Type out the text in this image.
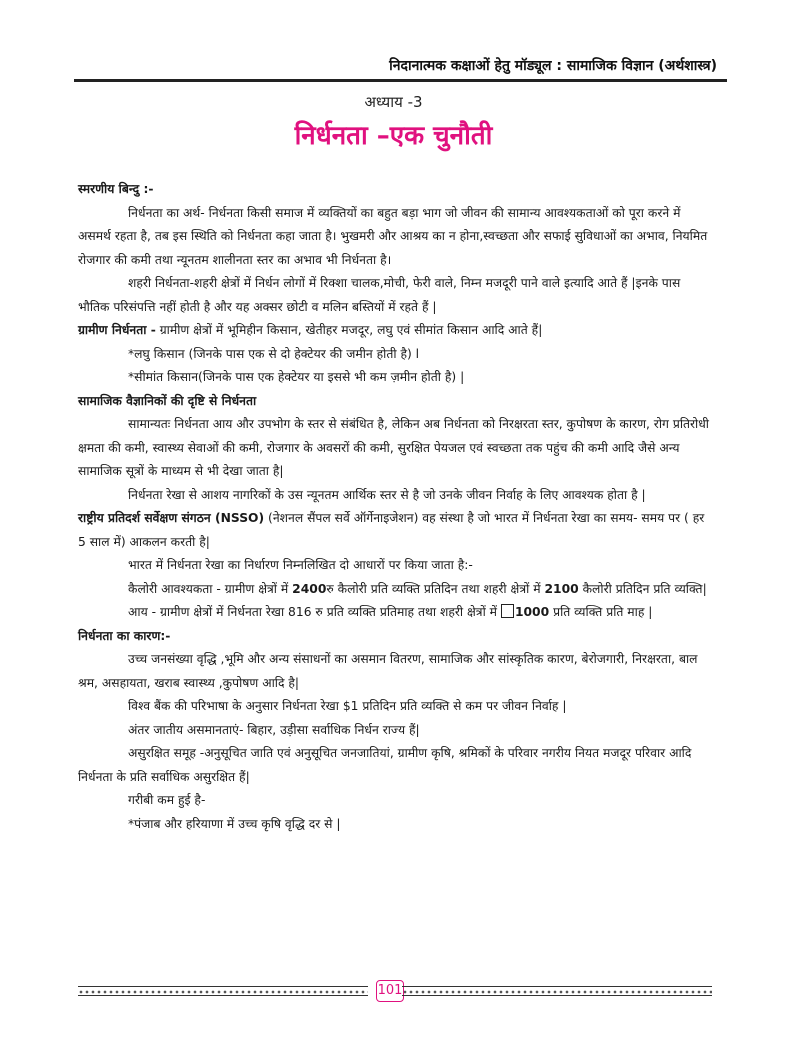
निदानात्मक कक्षाओं हेतु मॉड्यूल : सामाजिक विज्ञान (अर्थशास्त्र)
अध्याय -3
निर्धनता –एक चुनौती

स्मरणीय बिन्दु :-

निर्धनता का अर्थ- निर्धनता किसी समाज में व्यक्तियों का बहुत बड़ा भाग जो जीवन की सामान्य आवश्यकताओं को पूरा करने में असमर्थ रहता है, तब इस स्थिति को निर्धनता कहा जाता है। भुखमरी और आश्रय का न होना,स्वच्छता और सफाई सुविधाओं का अभाव, नियमित रोजगार की कमी तथा न्यूनतम शालीनता स्तर का अभाव भी निर्धनता है।

शहरी निर्धनता-शहरी क्षेत्रों में निर्धन लोगों में रिक्शा चालक,मोची, फेरी वाले, निम्न मजदूरी पाने वाले इत्यादि आते हैं |इनके पास भौतिक परिसंपत्ति नहीं होती है और यह अक्सर छोटी व मलिन बस्तियों में रहते हैं |

ग्रामीण निर्धनता - ग्रामीण क्षेत्रों में भूमिहीन किसान, खेतीहर मजदूर, लघु एवं सीमांत किसान आदि आते हैं|

*लघु किसान (जिनके पास एक से दो हेक्टेयर की जमीन होती है) l

*सीमांत किसान(जिनके पास एक हेक्टेयर या इससे भी कम ज़मीन होती है) |

सामाजिक वैज्ञानिकों की दृष्टि से निर्धनता

सामान्यतः निर्धनता आय और उपभोग के स्तर से संबंधित है, लेकिन अब निर्धनता को निरक्षरता स्तर, कुपोषण के कारण, रोग प्रतिरोधी क्षमता की कमी, स्वास्थ्य सेवाओं की कमी, रोजगार के अवसरों की कमी, सुरक्षित पेयजल एवं स्वच्छता तक पहुंच की कमी आदि जैसे अन्य सामाजिक सूत्रों के माध्यम से भी देखा जाता है|

निर्धनता रेखा से आशय नागरिकों के उस न्यूनतम आर्थिक स्तर से है जो उनके जीवन निर्वाह के लिए आवश्यक होता है |

राष्ट्रीय प्रतिदर्श सर्वेक्षण संगठन (NSSO) (नेशनल सैंपल सर्वे ऑर्गेनाइजेशन) वह संस्था है जो भारत में निर्धनता रेखा का समय- समय पर ( हर 5 साल में) आकलन करती है|

भारत में निर्धनता रेखा का निर्धारण निम्नलिखित दो आधारों पर किया जाता है:-

कैलोरी आवश्यकता - ग्रामीण क्षेत्रों में 2400रु कैलोरी प्रति व्यक्ति प्रतिदिन तथा शहरी क्षेत्रों में 2100 कैलोरी प्रतिदिन प्रति व्यक्ति|

आय - ग्रामीण क्षेत्रों में निर्धनता रेखा 816 रु प्रति व्यक्ति प्रतिमाह तथा शहरी क्षेत्रों में 1000 प्रति व्यक्ति प्रति माह |

निर्धनता का कारण:-

उच्च जनसंख्या वृद्धि ,भूमि और अन्य संसाधनों का असमान वितरण, सामाजिक और सांस्कृतिक कारण, बेरोजगारी, निरक्षरता, बाल श्रम, असहायता, खराब स्वास्थ्य ,कुपोषण आदि है|

विश्व बैंक की परिभाषा के अनुसार निर्धनता रेखा $1 प्रतिदिन प्रति व्यक्ति से कम पर जीवन निर्वाह |

अंतर जातीय असमानताएं- बिहार, उड़ीसा सर्वाधिक निर्धन राज्य हैं|

असुरक्षित समूह -अनुसूचित जाति एवं अनुसूचित जनजातियां, ग्रामीण कृषि, श्रमिकों के परिवार नगरीय नियत मजदूर परिवार आदि निर्धनता के प्रति सर्वाधिक असुरक्षित हैं|

गरीबी कम हुई है-

*पंजाब और हरियाणा में उच्च कृषि वृद्धि दर से |

101
